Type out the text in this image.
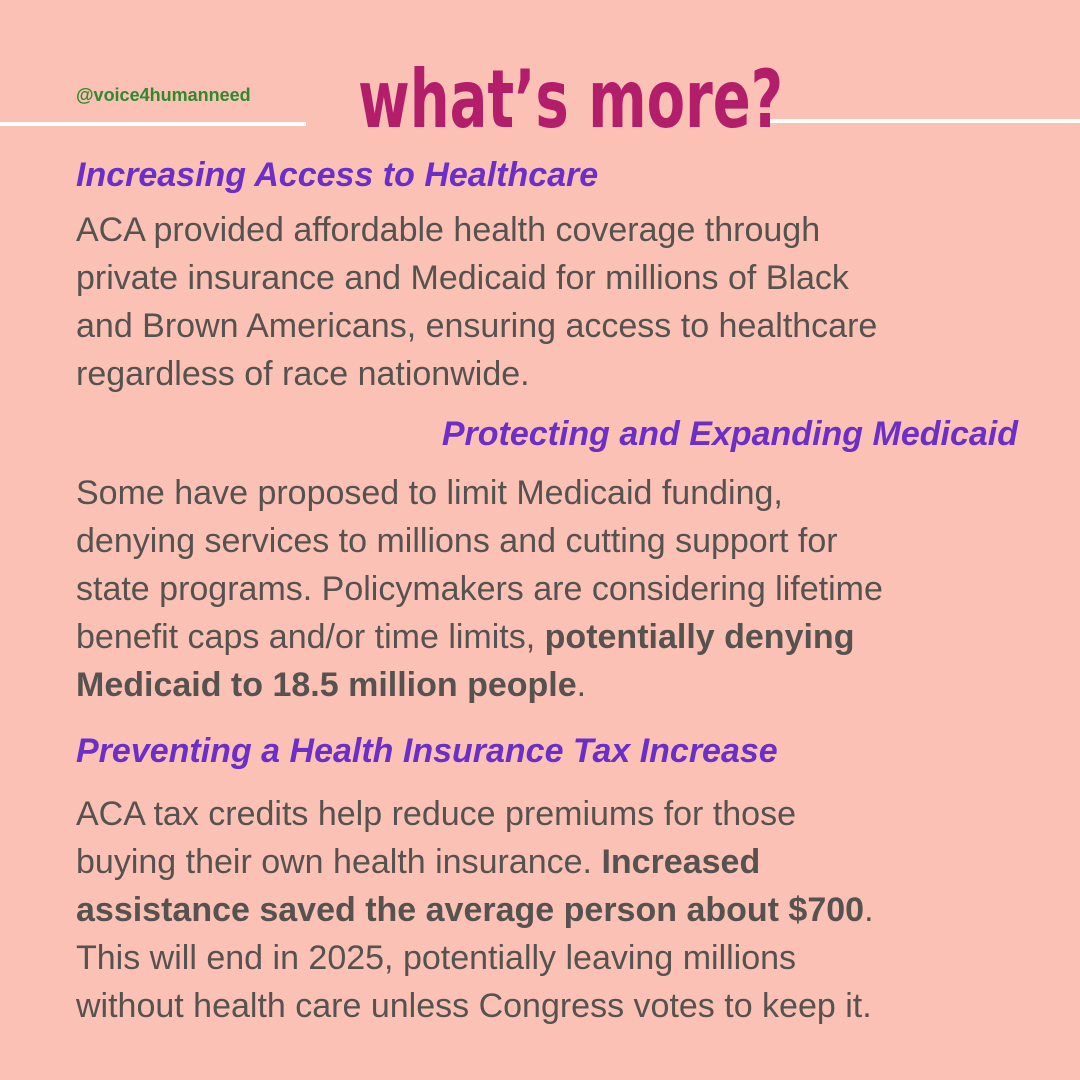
@voice4humanneed what’s more?
Increasing Access to Healthcare

ACA provided affordable health coverage through
private insurance and Medicaid for millions of Black
and Brown Americans, ensuring access to healthcare
regardless of race nationwide.

Protecting and Expanding Medicaid

Some have proposed to limit Medicaid funding,
denying services to millions and cutting support for
state programs. Policymakers are considering lifetime
benefit caps and/or time limits, potentially denying
Medicaid to 18.5 million people.

Preventing a Health Insurance Tax Increase

ACA tax credits help reduce premiums for those
buying their own health insurance. Increased
assistance saved the average person about $700.
This will end in 2025, potentially leaving millions
without health care unless Congress votes to keep it.
